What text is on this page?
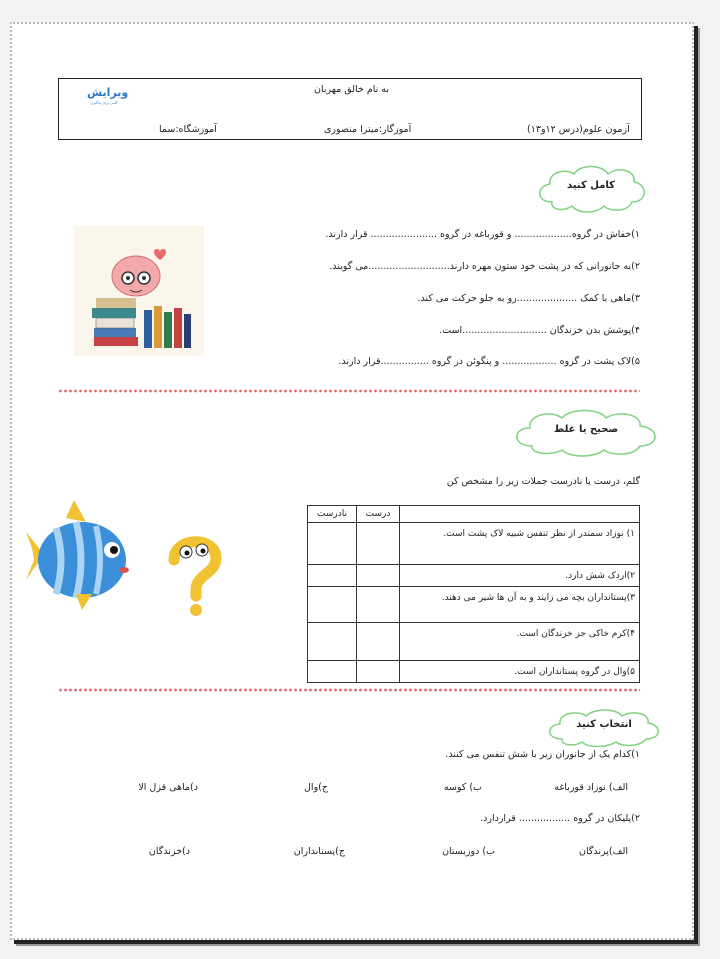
به نام خالق مهربان
آزمون علوم(درس ۱۲و۱۳)
آموزگار:میترا منصوری
آموزشگاه:سما
ویرایش
گامی برای یادگیری
کامل کنید
۱)خفاش در گروه................... و قورباغه در گروه ...................... قرار دارند.
۲)به جانورانی که در پشت خود ستون مهره دارند...........................می گویند.
۳)ماهی با کمک ....................رو به جلو حرکت می کند.
۴)پوشش بدن خزندگان ............................است.
۵)لاک پشت در گروه .................. و پنگوئن در گروه ................قرار دارند.
صحیح یا غلط
گلم، درست یا نادرست جملات زیر را مشخص کن
	درست	نادرست
۱) نوزاد سمندر از نظر تنفس شبیه لاک پشت است.		
۲)اردک شش دارد.		
۳)پستانداران بچه می زایند و به آن ها شیر می دهند.		
۴)کرم خاکی جز خزندگان است.		
۵)وال در گروه پستانداران است.		
انتخاب کنید
۱)کدام یک از جانوران زیر با شش تنفس می کنند.
الف) نوزاد قورباغه
ب) کوسه
ج)وال
د)ماهی قزل الا
۲)پلیکان در گروه ................. قراردارد.
الف)پرندگان
ب) دوزیستان
ج)پستانداران
د)خزندگان
